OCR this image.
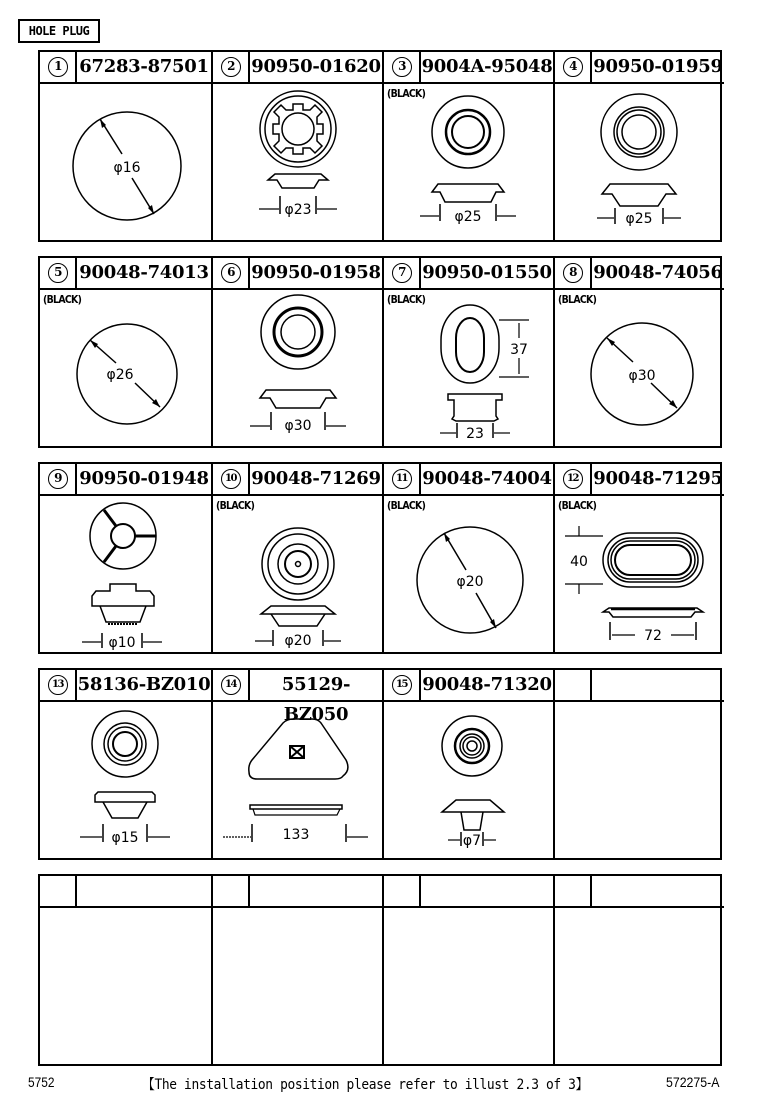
HOLE PLUG
1	67283-87501
φ16
2 90950-01620
φ23
3 9004A-95048
(BLACK)
φ25
4 90950-01959
φ25
5	90048-74013
(BLACK)
φ26
6 90950-01958
φ30
7 90950-01550
(BLACK)
37
23
8 90048-74056
(BLACK)
φ30
9	90950-01948
φ10
10 90048-71269
(BLACK)
φ20
11 90048-74004
(BLACK)
φ20
12 90048-71295
(BLACK)
40
72
13 58136-BZ010
φ15
14	55129-BZ050
133
15 90048-71320
φ7
5752	【The installation position please refer to illust 2.3 of 3】	572275-A
